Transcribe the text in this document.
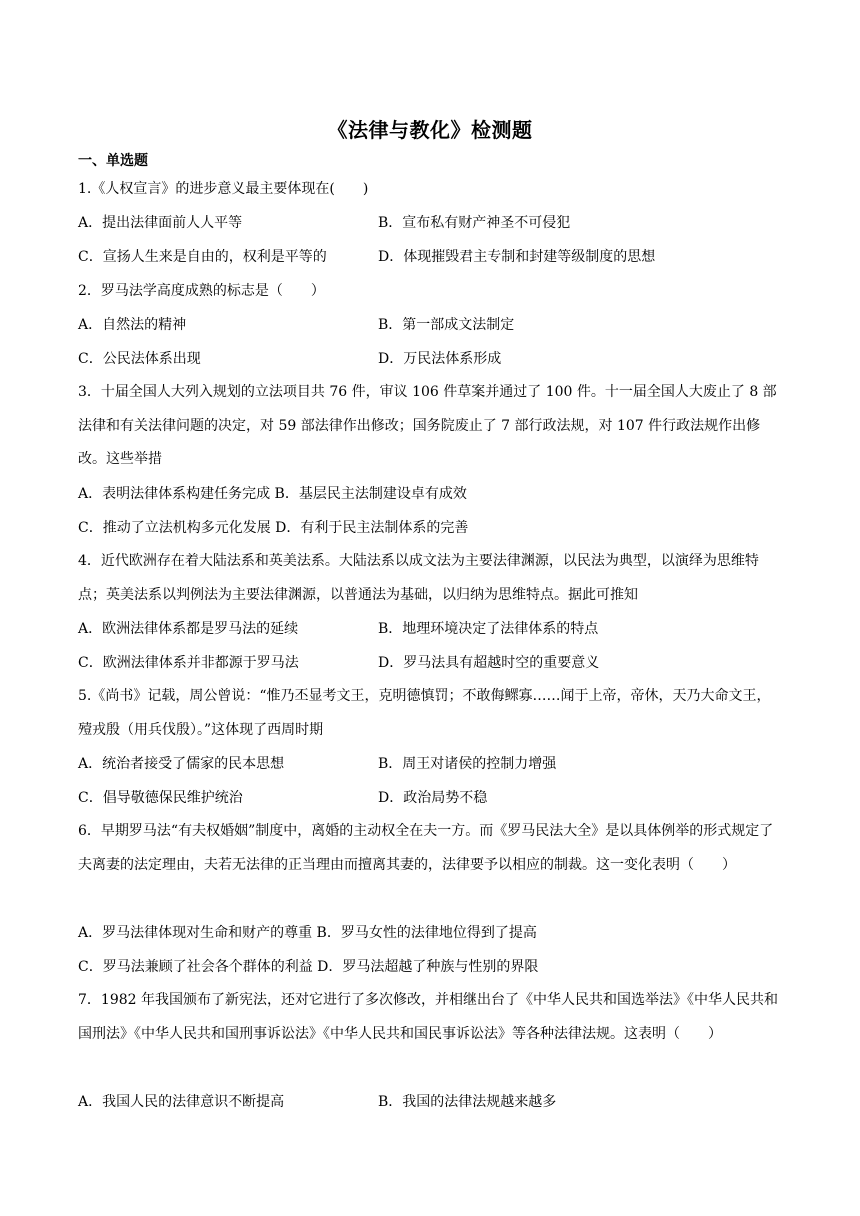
《法律与教化》检测题
一、单选题
1.《人权宣言》的进步意义最主要体现在(　　)
A．提出法律面前人人平等	B．宣布私有财产神圣不可侵犯
C．宣扬人生来是自由的，权利是平等的	D．体现摧毁君主专制和封建等级制度的思想
2．罗马法学高度成熟的标志是（　　）
A．自然法的精神	B．第一部成文法制定
C．公民法体系出现	D．万民法体系形成
3．十届全国人大列入规划的立法项目共 76 件，审议 106 件草案并通过了 100 件。十一届全国人大废止了 8 部法律和有关法律问题的决定，对 59 部法律作出修改；国务院废止了 7 部行政法规，对 107 件行政法规作出修改。这些举措
A．表明法律体系构建任务完成 B．基层民主法制建设卓有成效
C．推动了立法机构多元化发展 D．有利于民主法制体系的完善
4．近代欧洲存在着大陆法系和英美法系。大陆法系以成文法为主要法律渊源，以民法为典型，以演绎为思维特点；英美法系以判例法为主要法律渊源，以普通法为基础，以归纳为思维特点。据此可推知
A．欧洲法律体系都是罗马法的延续	B．地理环境决定了法律体系的特点
C．欧洲法律体系并非都源于罗马法	D．罗马法具有超越时空的重要意义
5.《尚书》记载，周公曾说：“惟乃丕显考文王，克明德慎罚；不敢侮鳏寡……闻于上帝，帝休，天乃大命文王，殪戎殷（用兵伐殷）。”这体现了西周时期
A．统治者接受了儒家的民本思想	B．周王对诸侯的控制力增强
C．倡导敬德保民维护统治	D．政治局势不稳
6．早期罗马法“有夫权婚姻”制度中，离婚的主动权全在夫一方。而《罗马民法大全》是以具体例举的形式规定了夫离妻的法定理由，夫若无法律的正当理由而擅离其妻的，法律要予以相应的制裁。这一变化表明（　　）
A．罗马法律体现对生命和财产的尊重 B．罗马女性的法律地位得到了提高
C．罗马法兼顾了社会各个群体的利益 D．罗马法超越了种族与性别的界限
7．1982 年我国颁布了新宪法，还对它进行了多次修改，并相继出台了《中华人民共和国选举法》《中华人民共和国刑法》《中华人民共和国刑事诉讼法》《中华人民共和国民事诉讼法》等各种法律法规。这表明（　　）
A．我国人民的法律意识不断提高	B．我国的法律法规越来越多
